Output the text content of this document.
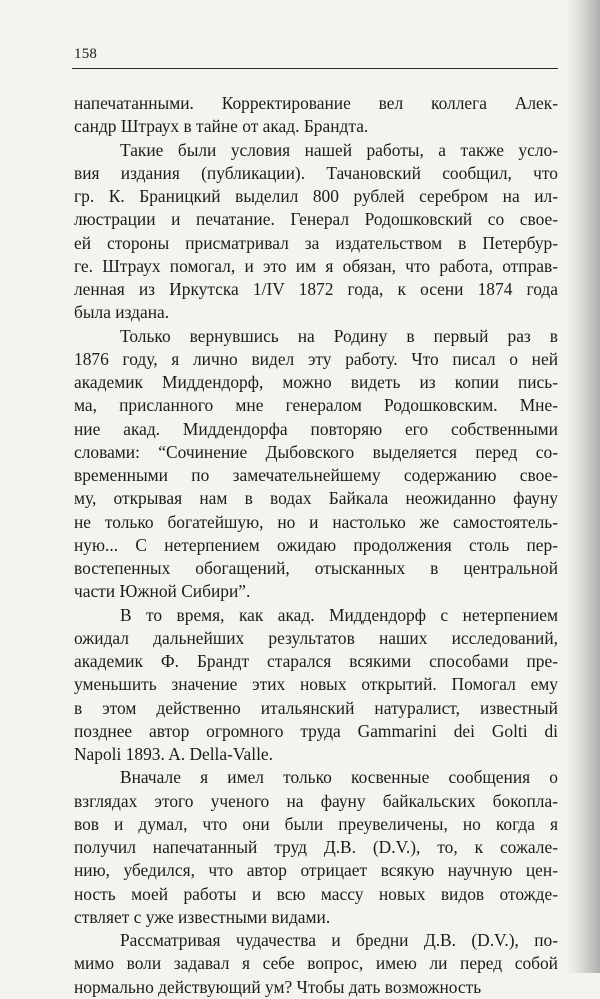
158
напечатанными. Корректирование вел коллега Алек-
сандр Штраух в тайне от акад. Брандта.
Такие были условия нашей работы, а также усло-
вия издания (публикации). Тачановский сообщил, что
гр. К. Браницкий выделил 800 рублей серебром на ил-
люстрации и печатание. Генерал Родошковский со свое-
ей стороны присматривал за издательством в Петербур-
ге. Штраух помогал, и это им я обязан, что работа, отправ-
ленная из Иркутска 1/IV 1872 года, к осени 1874 года
была издана.
Только вернувшись на Родину в первый раз в
1876 году, я лично видел эту работу. Что писал о ней
академик Миддендорф, можно видеть из копии пись-
ма, присланного мне генералом Родошковским. Мне-
ние акад. Миддендорфа повторяю его собственными
словами: “Сочинение Дыбовского выделяется перед со-
временными по замечательнейшему содержанию свое-
му, открывая нам в водах Байкала неожиданно фауну
не только богатейшую, но и настолько же самостоятель-
ную... С нетерпением ожидаю продолжения столь пер-
востепенных обогащений, отысканных в центральной
части Южной Сибири”.
В то время, как акад. Миддендорф с нетерпением
ожидал дальнейших результатов наших исследований,
академик Ф. Брандт старался всякими способами пре-
уменьшить значение этих новых открытий. Помогал ему
в этом действенно итальянский натуралист, известный
позднее автор огромного труда Gammarini dei Golti di
Napoli 1893. A. Della-Valle.
Вначале я имел только косвенные сообщения о
взглядах этого ученого на фауну байкальских бокопла-
вов и думал, что они были преувеличены, но когда я
получил напечатанный труд Д.В. (D.V.), то, к сожале-
нию, убедился, что автор отрицает всякую научную цен-
ность моей работы и всю массу новых видов отожде-
ствляет с уже известными видами.
Рассматривая чудачества и бредни Д.В. (D.V.), по-
мимо воли задавал я себе вопрос, имею ли перед собой
нормально действующий ум? Чтобы дать возможность
